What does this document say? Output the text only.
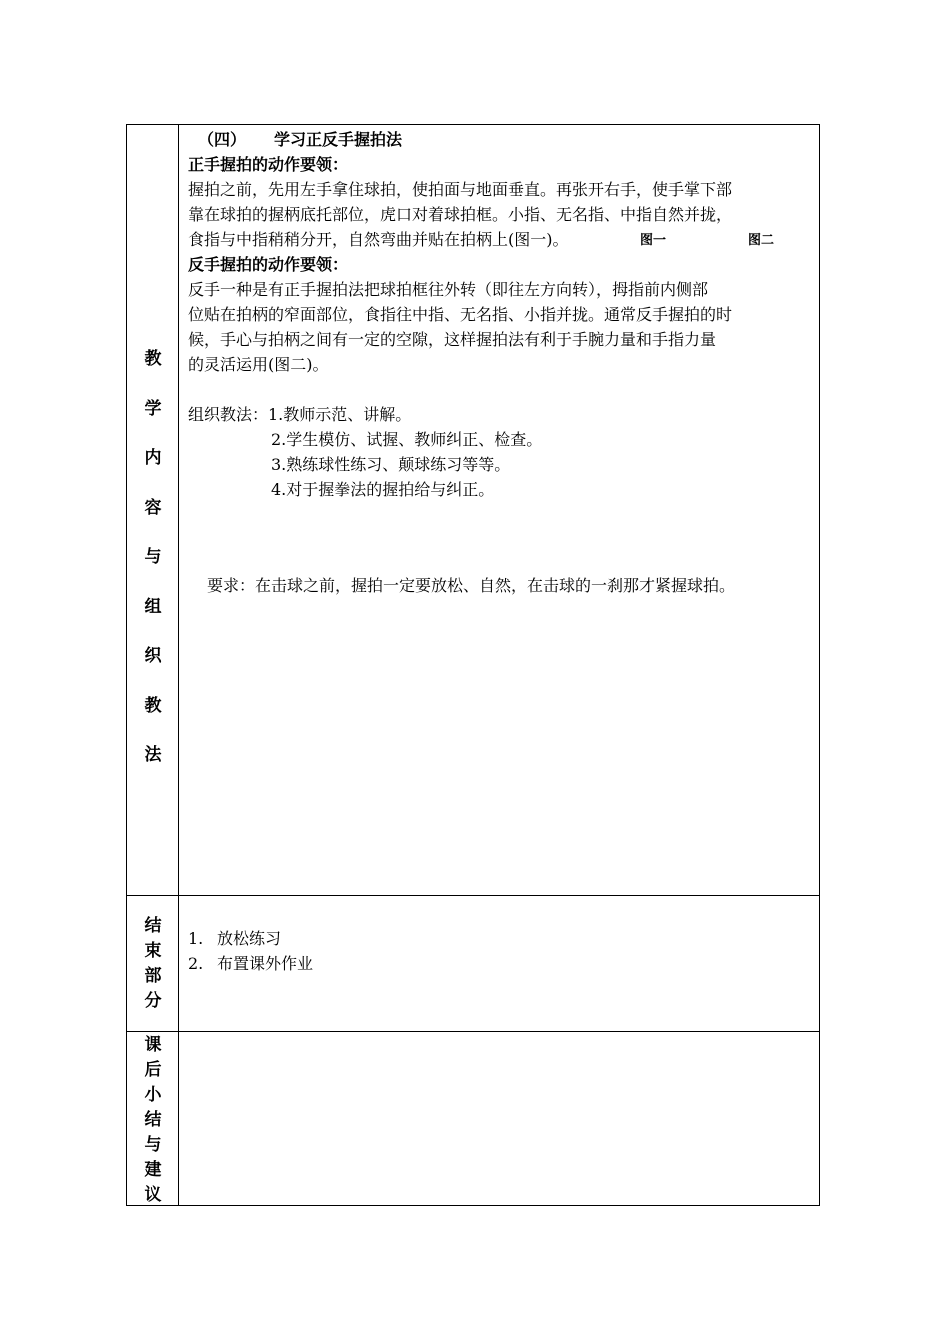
教
学
内
容
与
组
织
教
法
（四） 学习正反手握拍法
正手握拍的动作要领：
握拍之前，先用左手拿住球拍，使拍面与地面垂直。再张开右手，使手掌下部
靠在球拍的握柄底托部位，虎口对着球拍框。小指、无名指、中指自然并拢，
食指与中指稍稍分开，自然弯曲并贴在拍柄上(图一)。	图一	图二
反手握拍的动作要领：
反手一种是有正手握拍法把球拍框往外转（即往左方向转），拇指前内侧部
位贴在拍柄的窄面部位，食指往中指、无名指、小指并拢。通常反手握拍的时
候，手心与拍柄之间有一定的空隙，这样握拍法有利于手腕力量和手指力量
的灵活运用(图二)。
组织教法：1.教师示范、讲解。
2.学生模仿、试握、教师纠正、检查。
3.熟练球性练习、颠球练习等等。
4.对于握拳法的握拍给与纠正。
要求：在击球之前，握拍一定要放松、自然，在击球的一刹那才紧握球拍。
结
束
部
分
1. 放松练习
2. 布置课外作业
课
后
小
结
与
建
议
